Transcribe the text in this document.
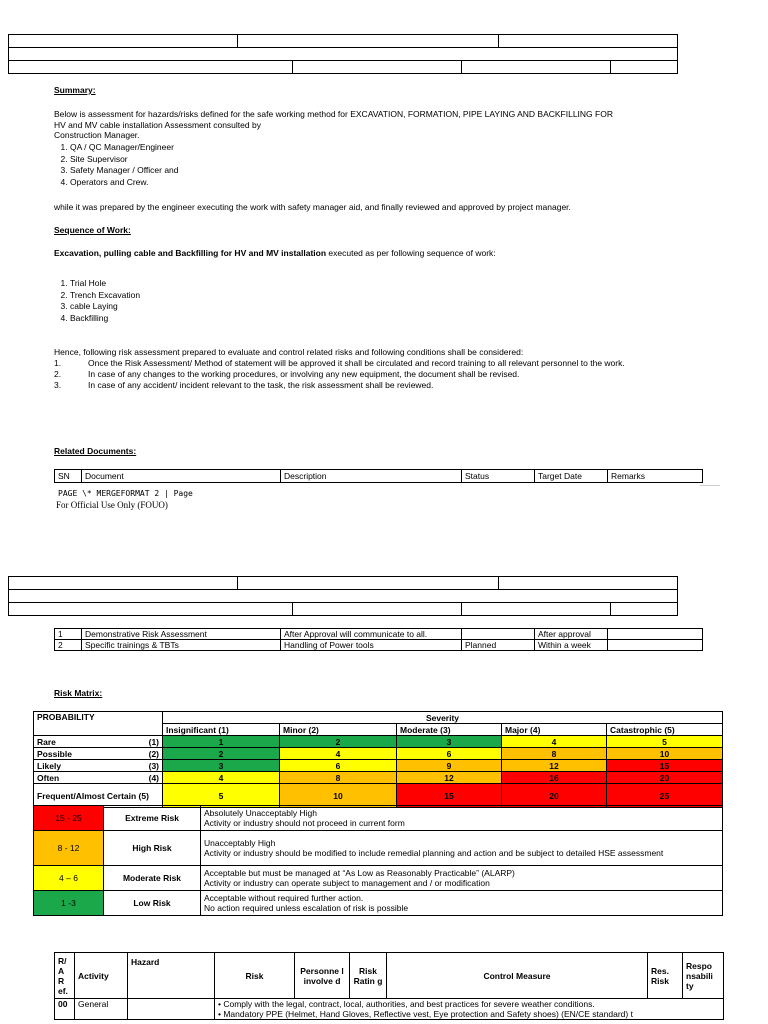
Summary:
Below is assessment for hazards/risks defined for the safe working method for EXCAVATION, FORMATION, PIPE LAYING AND BACKFILLING FOR
HV and MV cable installation Assessment consulted by
Construction Manager.
1. QA / QC Manager/Engineer
2. Site Supervisor
3. Safety Manager / Officer and
4. Operators and Crew.
while it was prepared by the engineer executing the work with safety manager aid, and finally reviewed and approved by project manager.
Sequence of Work:
Excavation, pulling cable and Backfilling for HV and MV installation executed as per following sequence of work:
1. Trial Hole
2. Trench Excavation
3. cable Laying
4. Backfilling
Hence, following risk assessment prepared to evaluate and control related risks and following conditions shall be considered:
1.	Once the Risk Assessment/ Method of statement will be approved it shall be circulated and record training to all relevant personnel to the work.
2.	In case of any changes to the working procedures, or involving any new equipment, the document shall be revised.
3.	In case of any accident/ incident relevant to the task, the risk assessment shall be reviewed.
Related Documents:
SN	Document	Description	Status	Target Date	Remarks
PAGE \* MERGEFORMAT 2 | Page
For Official Use Only (FOUO)

1	Demonstrative Risk Assessment	After Approval will communicate to all.		After approval	
2	Specific trainings & TBTs	Handling of Power tools	Planned	Within a week	
Risk Matrix:
PROBABILITY	Severity				
	Insignificant (1)	Minor (2)	Moderate (3)	Major (4)	Catastrophic (5)
Rare (1)	1	2	3	4	5
Possible (2)	2	4	6	8	10
Likely (3)	3	6	9	12	15
Often (4)	4	8	12	16	20
Frequent/Almost Certain (5)	5	10	15	20	25
15 - 25	Extreme Risk	Absolutely Unacceptably High
Activity or industry should not proceed in current form

8 - 12	High Risk	Unacceptably High
Activity or industry should be modified to include remedial planning and action and be subject to detailed HSE assessment

4 – 6	Moderate Risk	Acceptable but must be managed at “As Low as Reasonably Practicable” (ALARP)
Activity or industry can operate subject to management and / or modification

1 -3	Low Risk	Acceptable without required further action.
No action required unless escalation of risk is possible
R/ A R ef.	Activity	Hazard	Risk	Personne l involve d	Risk Ratin g	Control Measure	Res. Risk	Respo nsabili ty
00	General		• Comply with the legal, contract, local, authorities, and best practices for severe weather conditions.
• Mandatory PPE (Helmet, Hand Gloves, Reflective vest, Eye protection and Safety shoes) (EN/CE standard) t					
